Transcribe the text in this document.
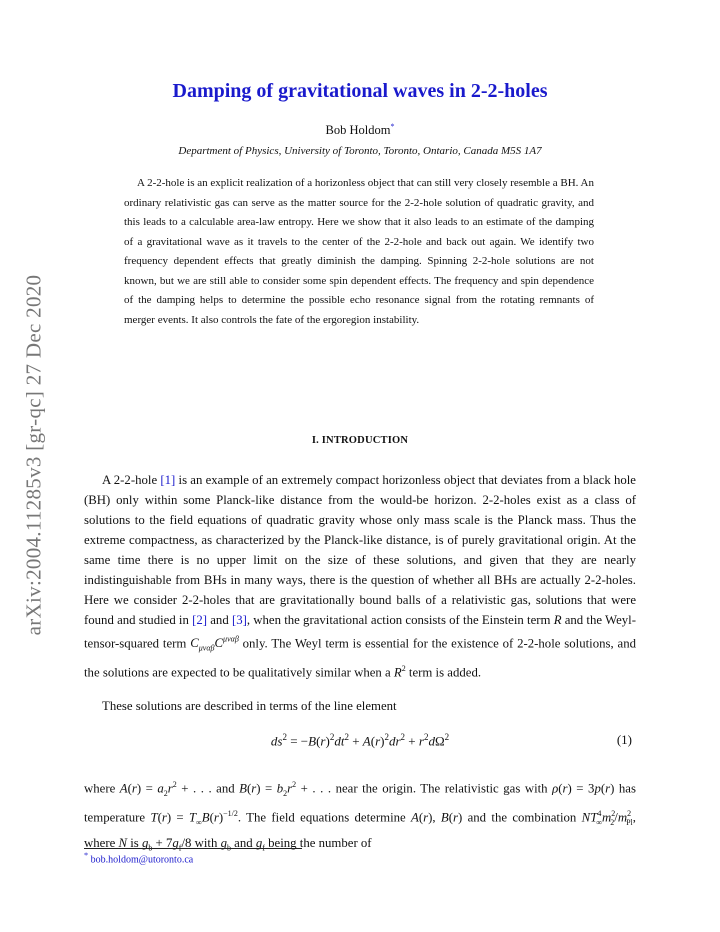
arXiv:2004.11285v3 [gr-qc] 27 Dec 2020
Damping of gravitational waves in 2-2-holes
Bob Holdom*
Department of Physics, University of Toronto, Toronto, Ontario, Canada M5S 1A7
A 2-2-hole is an explicit realization of a horizonless object that can still very closely resemble a BH. An ordinary relativistic gas can serve as the matter source for the 2-2-hole solution of quadratic gravity, and this leads to a calculable area-law entropy. Here we show that it also leads to an estimate of the damping of a gravitational wave as it travels to the center of the 2-2-hole and back out again. We identify two frequency dependent effects that greatly diminish the damping. Spinning 2-2-hole solutions are not known, but we are still able to consider some spin dependent effects. The frequency and spin dependence of the damping helps to determine the possible echo resonance signal from the rotating remnants of merger events. It also controls the fate of the ergoregion instability.
I. INTRODUCTION
A 2-2-hole [1] is an example of an extremely compact horizonless object that deviates from a black hole (BH) only within some Planck-like distance from the would-be horizon. 2-2-holes exist as a class of solutions to the field equations of quadratic gravity whose only mass scale is the Planck mass. Thus the extreme compactness, as characterized by the Planck-like distance, is of purely gravitational origin. At the same time there is no upper limit on the size of these solutions, and given that they are nearly indistinguishable from BHs in many ways, there is the question of whether all BHs are actually 2-2-holes. Here we consider 2-2-holes that are gravitationally bound balls of a relativistic gas, solutions that were found and studied in [2] and [3], when the gravitational action consists of the Einstein term R and the Weyl-tensor-squared term $C_{\mu\nu\alpha\beta}C^{\mu\nu\alpha\beta}$ only. The Weyl term is essential for the existence of 2-2-hole solutions, and the solutions are expected to be qualitatively similar when a $R^2$ term is added.
These solutions are described in terms of the line element
$ds^2 = -B(r)^2dt^2 + A(r)^2dr^2 + r^2d\Omega^2$	(1)
where $A(r) = a_2r^2$ + . . . and $B(r) = b_2r^2$ + . . . near the origin. The relativistic gas with ρ(r) = 3p(r) has temperature $T(r) = T_\infty B(r)^{-1/2}$. The field equations determine A(r), B(r) and the combination $NT^4_\infty m^2_2/m^2_{Pl}$, where N is $g_b + 7g_f/8$ with $g_b$ and $g_f$ being the number of
* bob.holdom@utoronto.ca
